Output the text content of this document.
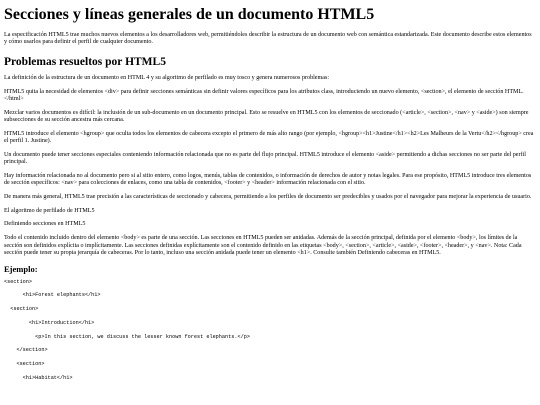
Secciones y líneas generales de un documento HTML5

La especificación HTML5 trae muchos nuevos elementos a los desarrolladores web, permitiéndoles describir la estructura de un documento web con semántica estandarizada. Este documento describe estos elementos y cómo usarlos para definir el perfil de cualquier documento.

Problemas resueltos por HTML5

La definición de la estructura de un documento en HTML 4 y su algoritmo de perfilado es muy tosco y genera numerosos problemas:

HTML5 quita la necesidad de elementos <div> para definir secciones semánticas sin definir valores específicos para los atributos class, introduciendo un nuevo elemento, <section>, el elemento de sección HTML. </html>

Mezclar varios documentos es difícil: la inclusión de un sub-documento en un documento principal. Esto se resuelve en HTML5 con los elementos de seccionado (<article>, <section>, <nav> y <aside>) son siempre subsecciones de su sección ancestra más cercana.

HTML5 introduce el elemento <hgroup> que oculta todos los elementos de cabecera excepto el primero de más alto rango (por ejemplo, <hgroup><h1>Justine</h1><h2>Les Malheurs de la Vertu</h2></hgroup> crea el perfil 1. Justine).

Un documento puede tener secciones especiales conteniendo información relacionada que no es parte del flujo principal. HTML5 introduce el elemento <aside> permitiendo a dichas secciones no ser parte del perfil principal.

Hay información relacionada no al documento pero si al sitio entero, como logos, menús, tablas de contenidos, o información de derechos de autor y notas legales. Para ese propósito, HTML5 introduce tres elementos de sección específicos: <nav> para colecciones de enlaces, como una tabla de contenidos, <footer> y <header> información relacionada con el sitio.

De manera más general, HTML5 trae precisión a las características de seccionado y cabecera, permitiendo a los perfiles de documento ser predecibles y usados por el navegador para mejorar la experiencia de usuario.

El algoritmo de perfilado de HTML5

Definiendo secciones en HTML5

Todo el contenido incluido dentro del elemento <body> es parte de una sección. Las secciones en HTML5 pueden ser anidadas. Además de la sección principal, definida por el elemento <body>, los límites de la sección son definidos explícita o implícitamente. Las secciones definidas explícitamente son el contenido definido en las etiquetas <body>, <section>, <article>, <aside>, <footer>, <header>, y <nav>. Nota: Cada sección puede tener su propia jerarquía de cabeceras. Por lo tanto, incluso una sección anidada puede tener un elemento <h1>. Consulte también Definiendo cabeceras en HTML5.

Ejemplo:
<section>
<h1>Forest elephants</h1>
<section>
<h1>Introduction</h1>
<p>In this section, we discuss the lesser known forest elephants.</p>
</section>
<section>
<h1>Habitat</h1>
